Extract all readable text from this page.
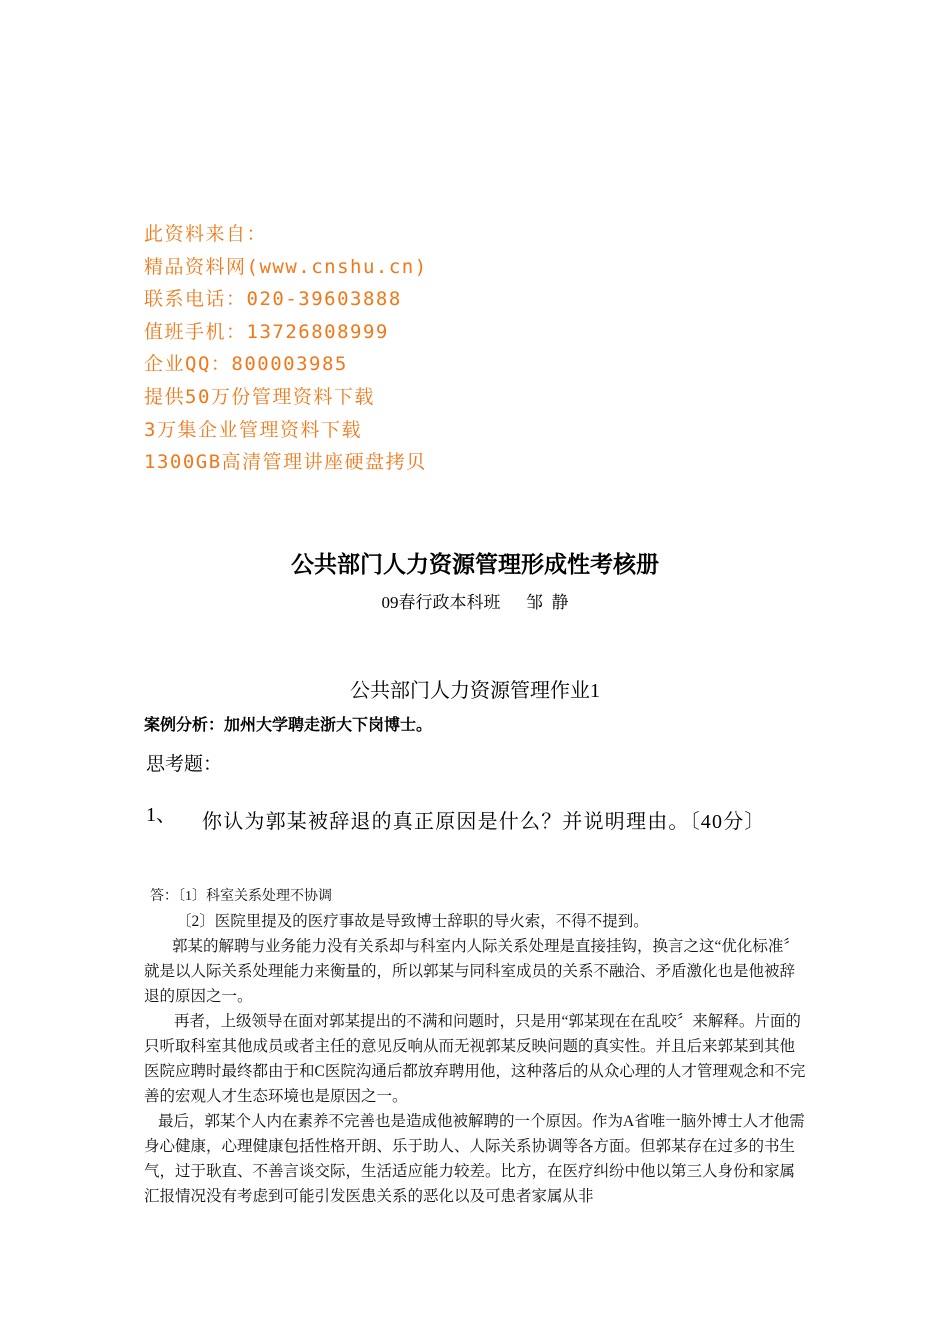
此资料来自：
精品资料网(www.cnshu.cn)
联系电话：020-39603888
值班手机：13726808999
企业QQ：800003985
提供50万份管理资料下载
3万集企业管理资料下载
1300GB高清管理讲座硬盘拷贝
公共部门人力资源管理形成性考核册
09春行政本科班      邹  静
公共部门人力资源管理作业1
案例分析：加州大学聘走浙大下岗博士。
思考题：
1、 你认为郭某被辞退的真正原因是什么？并说明理由。〔40分〕

答：〔1〕科室关系处理不协调

〔2〕医院里提及的医疗事故是导致博士辞职的导火索，不得不提到。

郭某的解聘与业务能力没有关系却与科室内人际关系处理是直接挂钩，换言之这“优化标准〞就是以人际关系处理能力来衡量的，所以郭某与同科室成员的关系不融洽、矛盾激化也是他被辞退的原因之一。

再者，上级领导在面对郭某提出的不满和问题时，只是用“郭某现在在乱咬〞来解释。片面的只听取科室其他成员或者主任的意见反响从而无视郭某反映问题的真实性。并且后来郭某到其他医院应聘时最终都由于和C医院沟通后都放弃聘用他，这种落后的从众心理的人才管理观念和不完善的宏观人才生态环境也是原因之一。

最后，郭某个人内在素养不完善也是造成他被解聘的一个原因。作为A省唯一脑外博士人才他需身心健康，心理健康包括性格开朗、乐于助人、人际关系协调等各方面。但郭某存在过多的书生气，过于耿直、不善言谈交际，生活适应能力较差。比方，在医疗纠纷中他以第三人身份和家属汇报情况没有考虑到可能引发医患关系的恶化以及可患者家属从非
